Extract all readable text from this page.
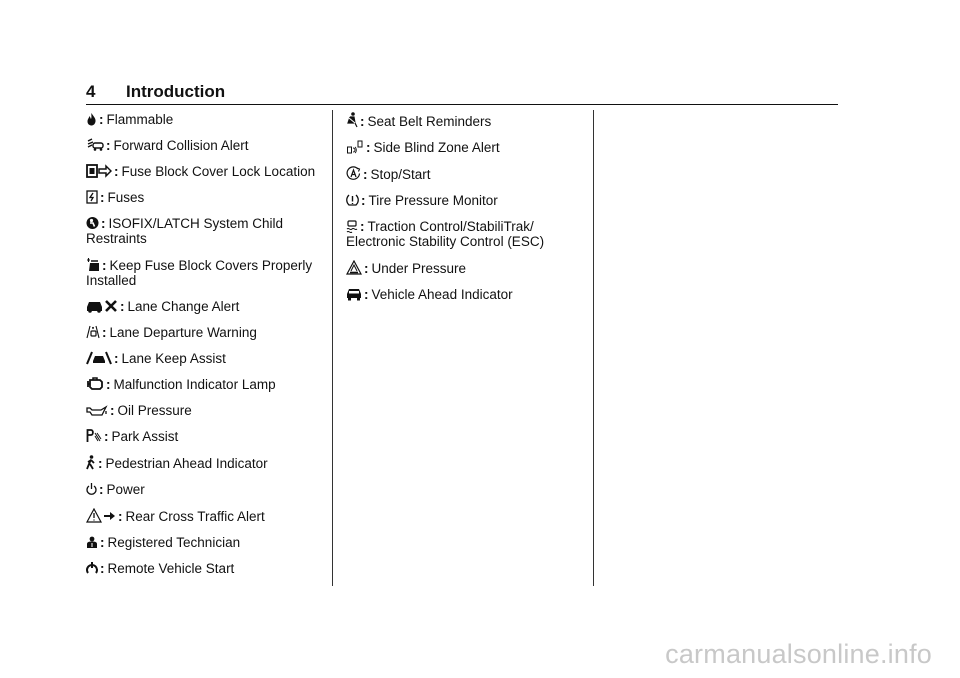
4 Introduction
: Flammable
: Forward Collision Alert
: Fuse Block Cover Lock Location
: Fuses
: ISOFIX/LATCH System Child Restraints
: Keep Fuse Block Covers Properly Installed
: Lane Change Alert
: Lane Departure Warning
: Lane Keep Assist
: Malfunction Indicator Lamp
: Oil Pressure
: Park Assist
: Pedestrian Ahead Indicator
: Power
: Rear Cross Traffic Alert
: Registered Technician
: Remote Vehicle Start
: Seat Belt Reminders
: Side Blind Zone Alert
: Stop/Start
: Tire Pressure Monitor
: Traction Control/StabiliTrak/ Electronic Stability Control (ESC)
: Under Pressure
: Vehicle Ahead Indicator
carmanualsonline.info
